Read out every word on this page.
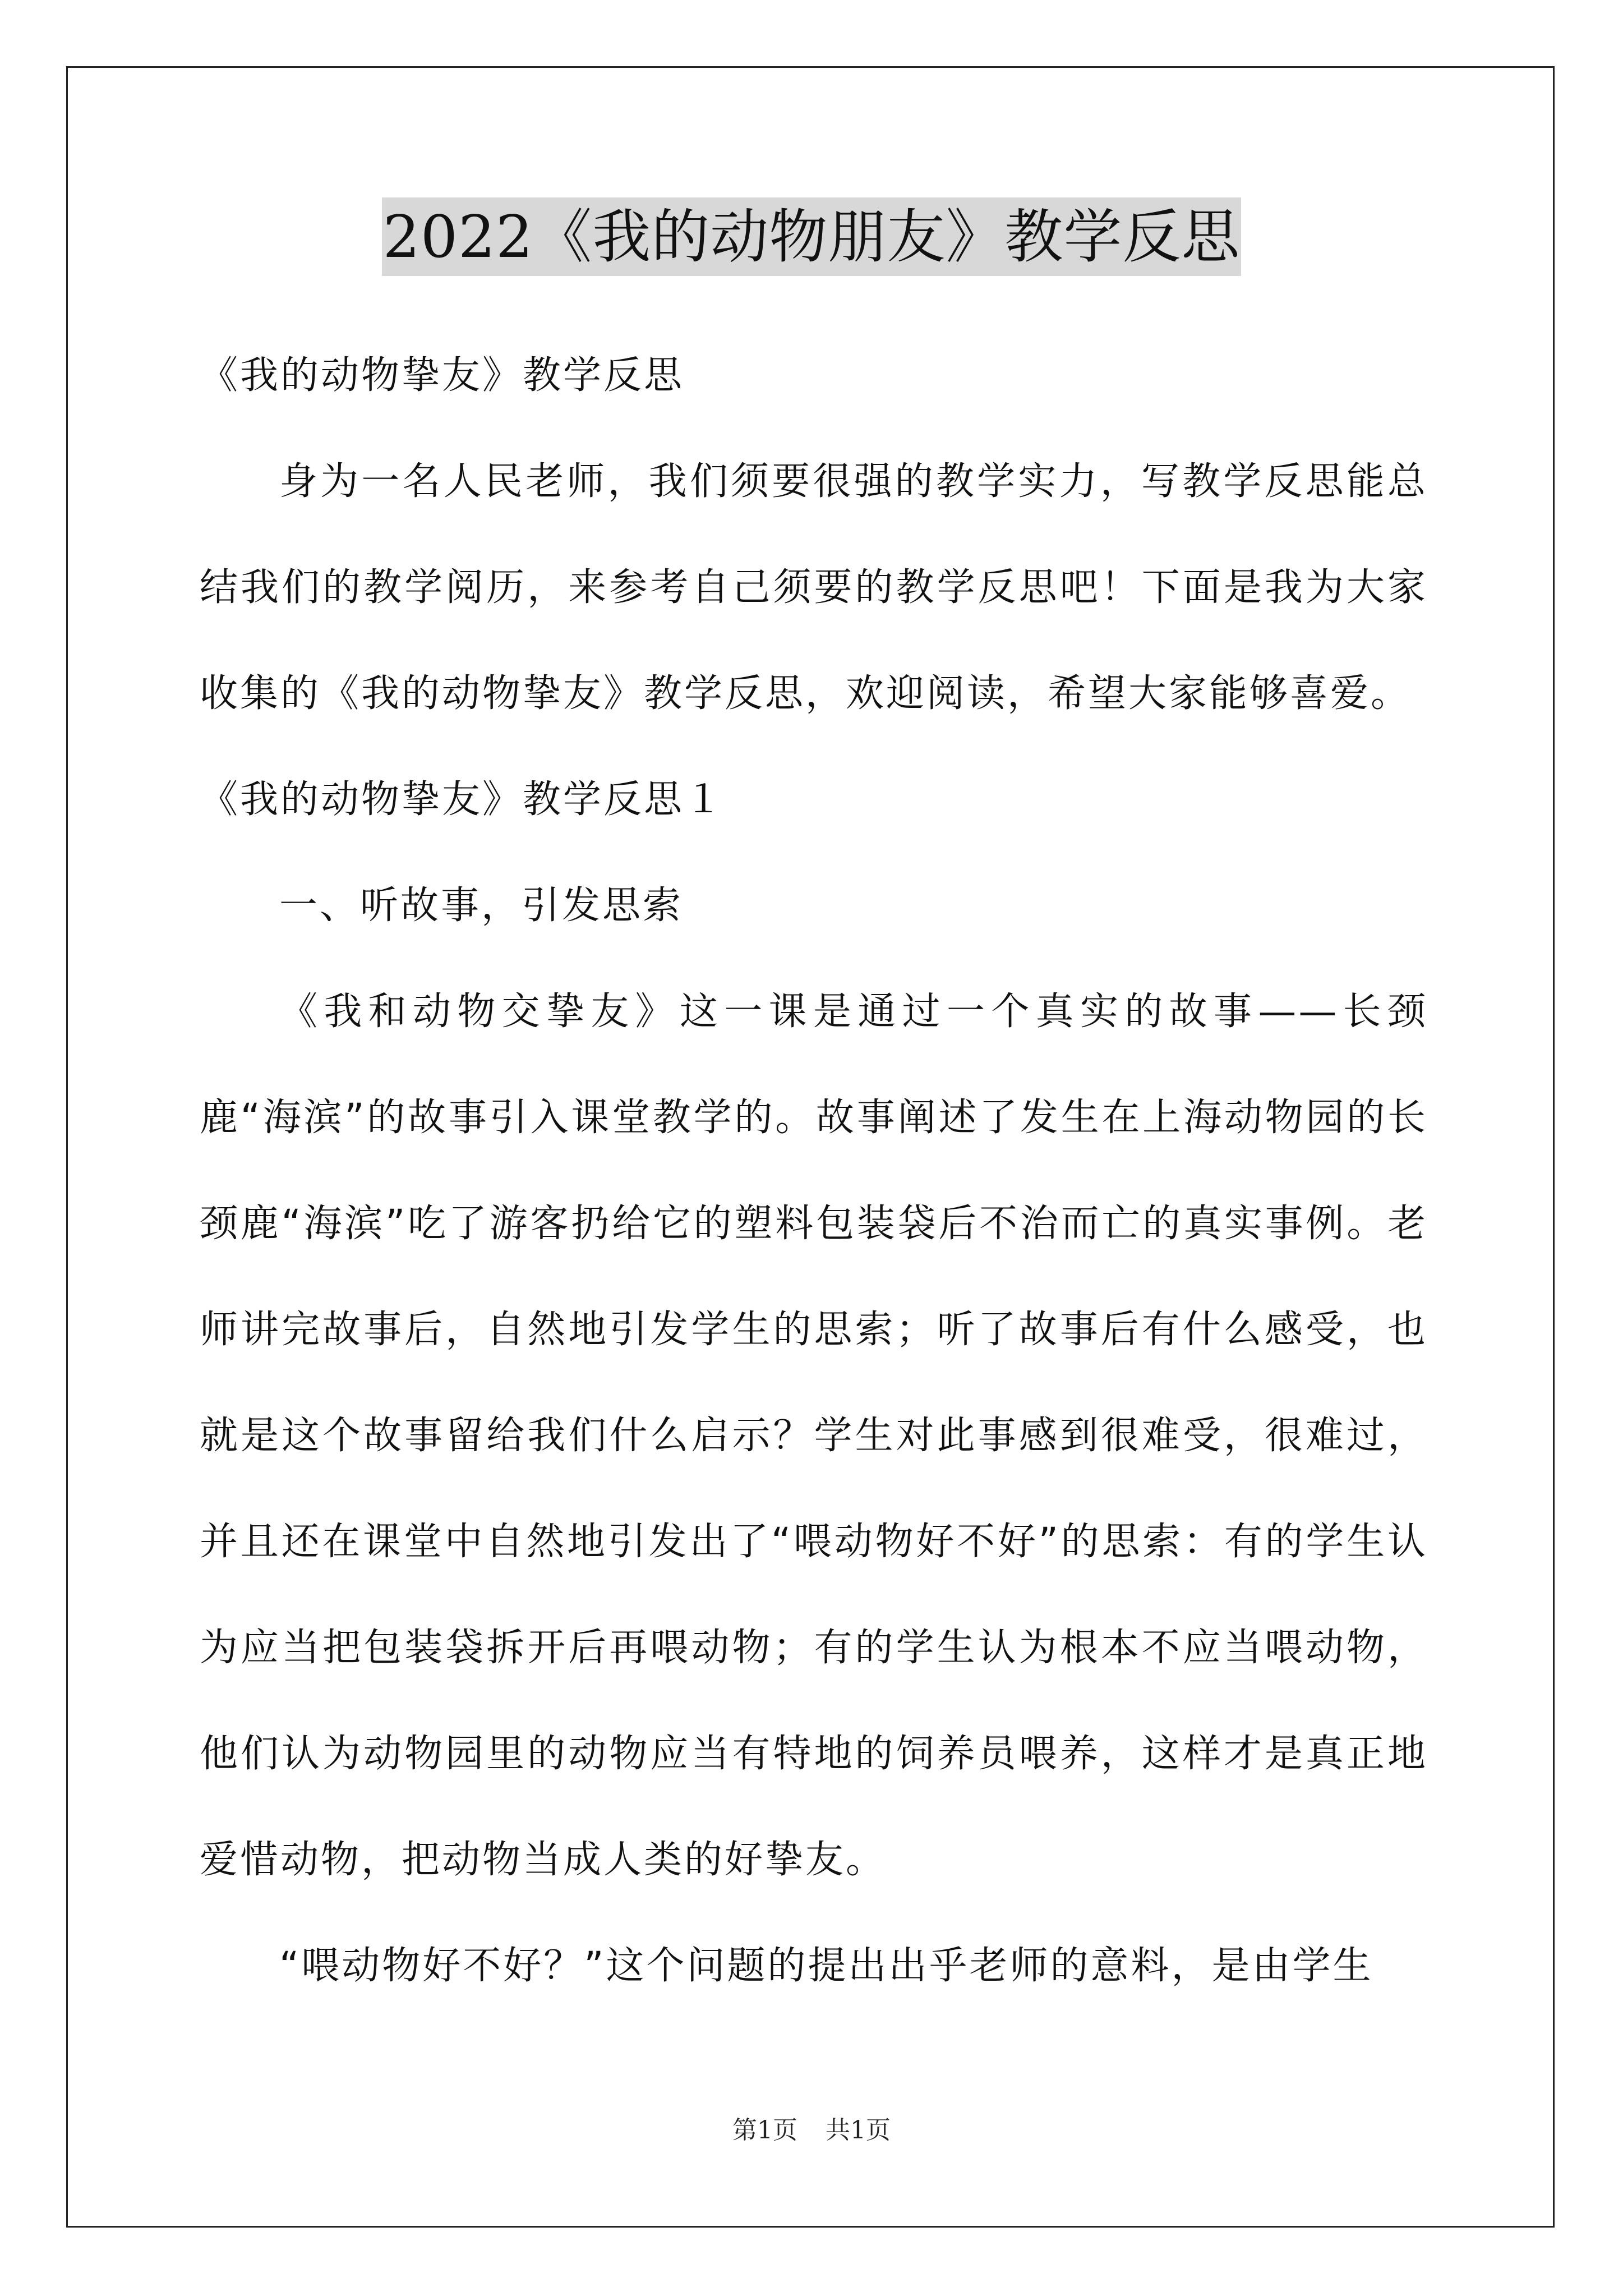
2022《我的动物朋友》教学反思

《我的动物挚友》教学反思

身为一名人民老师，我们须要很强的教学实力，写教学反思能总结我们的教学阅历，来参考自己须要的教学反思吧！下面是我为大家收集的《我的动物挚友》教学反思，欢迎阅读，希望大家能够喜爱。

《我的动物挚友》教学反思１

一、听故事，引发思索

《我和动物交挚友》这一课是通过一个真实的故事——长颈鹿“海滨”的故事引入课堂教学的。故事阐述了发生在上海动物园的长颈鹿“海滨”吃了游客扔给它的塑料包装袋后不治而亡的真实事例。老师讲完故事后，自然地引发学生的思索；听了故事后有什么感受，也就是这个故事留给我们什么启示？学生对此事感到很难受，很难过，并且还在课堂中自然地引发出了“喂动物好不好”的思索：有的学生认为应当把包装袋拆开后再喂动物；有的学生认为根本不应当喂动物，他们认为动物园里的动物应当有特地的饲养员喂养，这样才是真正地爱惜动物，把动物当成人类的好挚友。

“喂动物好不好？”这个问题的提出出乎老师的意料，是由学生

第1页 共1页
